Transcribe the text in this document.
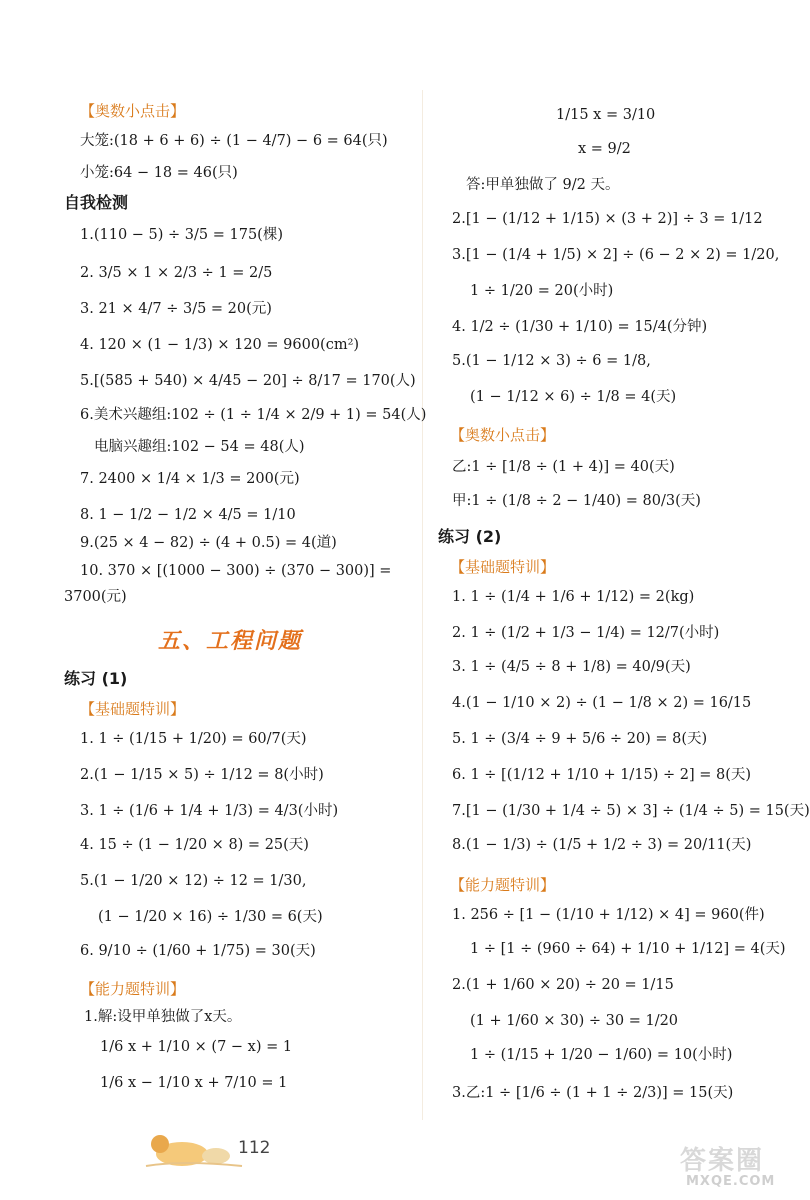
【奥数小点击】
大笼:(18 + 6 + 6) ÷ (1 − 4/7) − 6 = 64(只)
小笼:64 − 18 = 46(只)
自我检测
1.(110 − 5) ÷ 3/5 = 175(棵)
2. 3/5 × 1 × 2/3 ÷ 1 = 2/5
3. 21 × 4/7 ÷ 3/5 = 20(元)
4. 120 × (1 − 1/3) × 120 = 9600(cm²)
5.[(585 + 540) × 4/45 − 20] ÷ 8/17 = 170(人)
6.美术兴趣组:102 ÷ (1 ÷ 1/4 × 2/9 + 1) = 54(人)
电脑兴趣组:102 − 54 = 48(人)
7. 2400 × 1/4 × 1/3 = 200(元)
8. 1 − 1/2 − 1/2 × 4/5 = 1/10
9.(25 × 4 − 82) ÷ (4 + 0.5) = 4(道)
10. 370 × [(1000 − 300) ÷ (370 − 300)] =
3700(元)
练习 (1)
【基础题特训】
1. 1 ÷ (1/15 + 1/20) = 60/7(天)
2.(1 − 1/15 × 5) ÷ 1/12 = 8(小时)
3. 1 ÷ (1/6 + 1/4 + 1/3) = 4/3(小时)
4. 15 ÷ (1 − 1/20 × 8) = 25(天)
5.(1 − 1/20 × 12) ÷ 12 = 1/30,
(1 − 1/20 × 16) ÷ 1/30 = 6(天)
6. 9/10 ÷ (1/60 + 1/75) = 30(天)
【能力题特训】
1.解:设甲单独做了x天。
1/6 x + 1/10 × (7 − x) = 1
1/6 x − 1/10 x + 7/10 = 1
五、工程问题
1/15 x = 3/10
x = 9/2
答:甲单独做了 9/2 天。
2.[1 − (1/12 + 1/15) × (3 + 2)] ÷ 3 = 1/12
3.[1 − (1/4 + 1/5) × 2] ÷ (6 − 2 × 2) = 1/20,
1 ÷ 1/20 = 20(小时)
4. 1/2 ÷ (1/30 + 1/10) = 15/4(分钟)
5.(1 − 1/12 × 3) ÷ 6 = 1/8,
(1 − 1/12 × 6) ÷ 1/8 = 4(天)
【奥数小点击】
乙:1 ÷ [1/8 ÷ (1 + 4)] = 40(天)
甲:1 ÷ (1/8 ÷ 2 − 1/40) = 80/3(天)
练习 (2)
【基础题特训】
1. 1 ÷ (1/4 + 1/6 + 1/12) = 2(kg)
2. 1 ÷ (1/2 + 1/3 − 1/4) = 12/7(小时)
3. 1 ÷ (4/5 ÷ 8 + 1/8) = 40/9(天)
4.(1 − 1/10 × 2) ÷ (1 − 1/8 × 2) = 16/15
5. 1 ÷ (3/4 ÷ 9 + 5/6 ÷ 20) = 8(天)
6. 1 ÷ [(1/12 + 1/10 + 1/15) ÷ 2] = 8(天)
7.[1 − (1/30 + 1/4 ÷ 5) × 3] ÷ (1/4 ÷ 5) = 15(天)
8.(1 − 1/3) ÷ (1/5 + 1/2 ÷ 3) = 20/11(天)
【能力题特训】
1. 256 ÷ [1 − (1/10 + 1/12) × 4] = 960(件)
1 ÷ [1 ÷ (960 ÷ 64) + 1/10 + 1/12] = 4(天)
2.(1 + 1/60 × 20) ÷ 20 = 1/15
(1 + 1/60 × 30) ÷ 30 = 1/20
1 ÷ (1/15 + 1/20 − 1/60) = 10(小时)
3.乙:1 ÷ [1/6 ÷ (1 + 1 ÷ 2/3)] = 15(天)
112	答案圈
MXQE.COM
